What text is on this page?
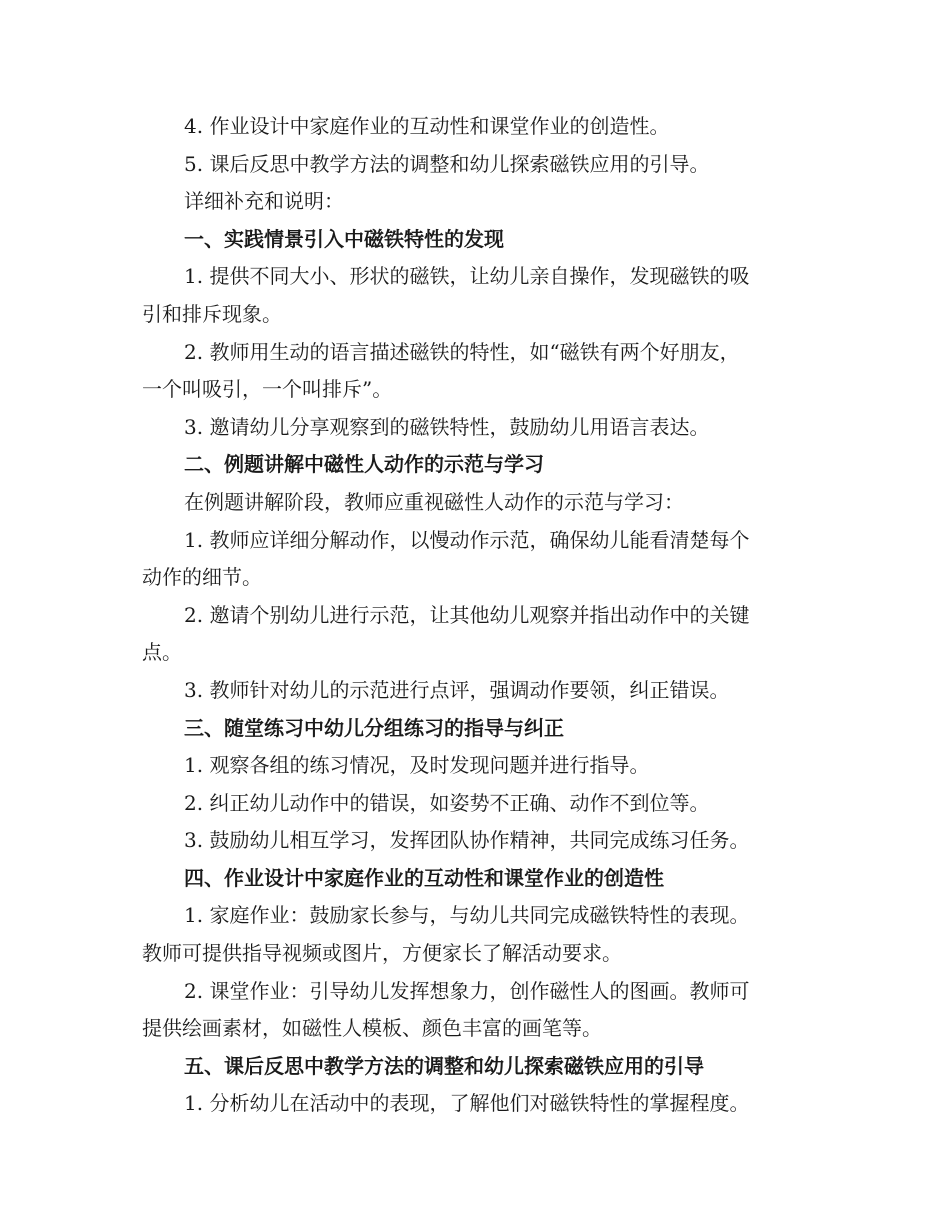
4. 作业设计中家庭作业的互动性和课堂作业的创造性。
5. 课后反思中教学方法的调整和幼儿探索磁铁应用的引导。
详细补充和说明：
一、实践情景引入中磁铁特性的发现
1. 提供不同大小、形状的磁铁，让幼儿亲自操作，发现磁铁的吸
引和排斥现象。
2. 教师用生动的语言描述磁铁的特性，如“磁铁有两个好朋友，
一个叫吸引，一个叫排斥”。
3. 邀请幼儿分享观察到的磁铁特性，鼓励幼儿用语言表达。
二、例题讲解中磁性人动作的示范与学习
在例题讲解阶段，教师应重视磁性人动作的示范与学习：
1. 教师应详细分解动作，以慢动作示范，确保幼儿能看清楚每个
动作的细节。
2. 邀请个别幼儿进行示范，让其他幼儿观察并指出动作中的关键
点。
3. 教师针对幼儿的示范进行点评，强调动作要领，纠正错误。
三、随堂练习中幼儿分组练习的指导与纠正
1. 观察各组的练习情况，及时发现问题并进行指导。
2. 纠正幼儿动作中的错误，如姿势不正确、动作不到位等。
3. 鼓励幼儿相互学习，发挥团队协作精神，共同完成练习任务。
四、作业设计中家庭作业的互动性和课堂作业的创造性
1. 家庭作业：鼓励家长参与，与幼儿共同完成磁铁特性的表现。
教师可提供指导视频或图片，方便家长了解活动要求。
2. 课堂作业：引导幼儿发挥想象力，创作磁性人的图画。教师可
提供绘画素材，如磁性人模板、颜色丰富的画笔等。
五、课后反思中教学方法的调整和幼儿探索磁铁应用的引导
1. 分析幼儿在活动中的表现，了解他们对磁铁特性的掌握程度。
